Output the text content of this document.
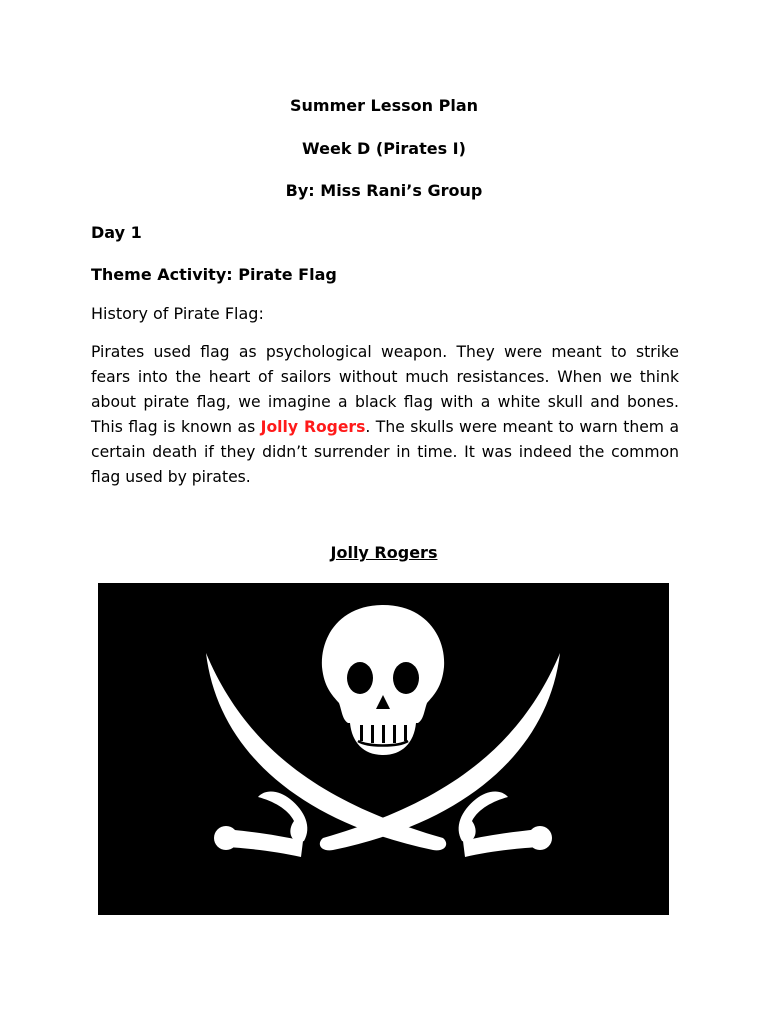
Summer Lesson Plan
Week D (Pirates I)
By: Miss Rani’s Group
Day 1
Theme Activity: Pirate Flag
History of Pirate Flag:
Pirates used flag as psychological weapon. They were meant to strike fears into the heart of sailors without much resistances. When we think about pirate flag, we imagine a black flag with a white skull and bones. This flag is known as Jolly Rogers. The skulls were meant to warn them a certain death if they didn’t surrender in time. It was indeed the common flag used by pirates.
Jolly Rogers
